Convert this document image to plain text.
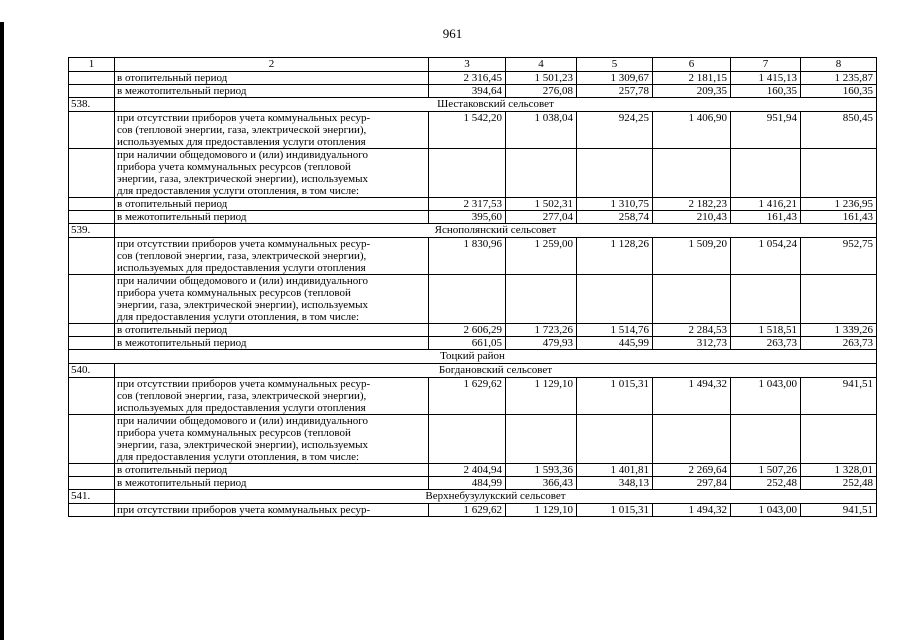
961
1	2	3	4	5	6	7	8
	в отопительный период	2 316,45	1 501,23	1 309,67	2 181,15	1 415,13	1 235,87
	в межотопительный период	394,64	276,08	257,78	209,35	160,35	160,35
538.	Шестаковский сельсовет						
	при отсутствии приборов учета коммунальных ресур-
сов (тепловой энергии, газа, электрической энергии),
используемых для предоставления услуги отопления	1 542,20	1 038,04	924,25	1 406,90	951,94	850,45
	при наличии общедомового и (или) индивидуального
прибора учета коммунальных ресурсов (тепловой
энергии, газа, электрической энергии), используемых
для предоставления услуги отопления, в том числе:						
	в отопительный период	2 317,53	1 502,31	1 310,75	2 182,23	1 416,21	1 236,95
	в межотопительный период	395,60	277,04	258,74	210,43	161,43	161,43
539.	Яснополянский сельсовет						
	при отсутствии приборов учета коммунальных ресур-
сов (тепловой энергии, газа, электрической энергии),
используемых для предоставления услуги отопления	1 830,96	1 259,00	1 128,26	1 509,20	1 054,24	952,75
	при наличии общедомового и (или) индивидуального
прибора учета коммунальных ресурсов (тепловой
энергии, газа, электрической энергии), используемых
для предоставления услуги отопления, в том числе:						
	в отопительный период	2 606,29	1 723,26	1 514,76	2 284,53	1 518,51	1 339,26
	в межотопительный период	661,05	479,93	445,99	312,73	263,73	263,73
Тоцкий район							
540.	Богдановский сельсовет						
	при отсутствии приборов учета коммунальных ресур-
сов (тепловой энергии, газа, электрической энергии),
используемых для предоставления услуги отопления	1 629,62	1 129,10	1 015,31	1 494,32	1 043,00	941,51
	при наличии общедомового и (или) индивидуального
прибора учета коммунальных ресурсов (тепловой
энергии, газа, электрической энергии), используемых
для предоставления услуги отопления, в том числе:						
	в отопительный период	2 404,94	1 593,36	1 401,81	2 269,64	1 507,26	1 328,01
	в межотопительный период	484,99	366,43	348,13	297,84	252,48	252,48
541.	Верхнебузулукский сельсовет						
	при отсутствии приборов учета коммунальных ресур-	1 629,62	1 129,10	1 015,31	1 494,32	1 043,00	941,51
